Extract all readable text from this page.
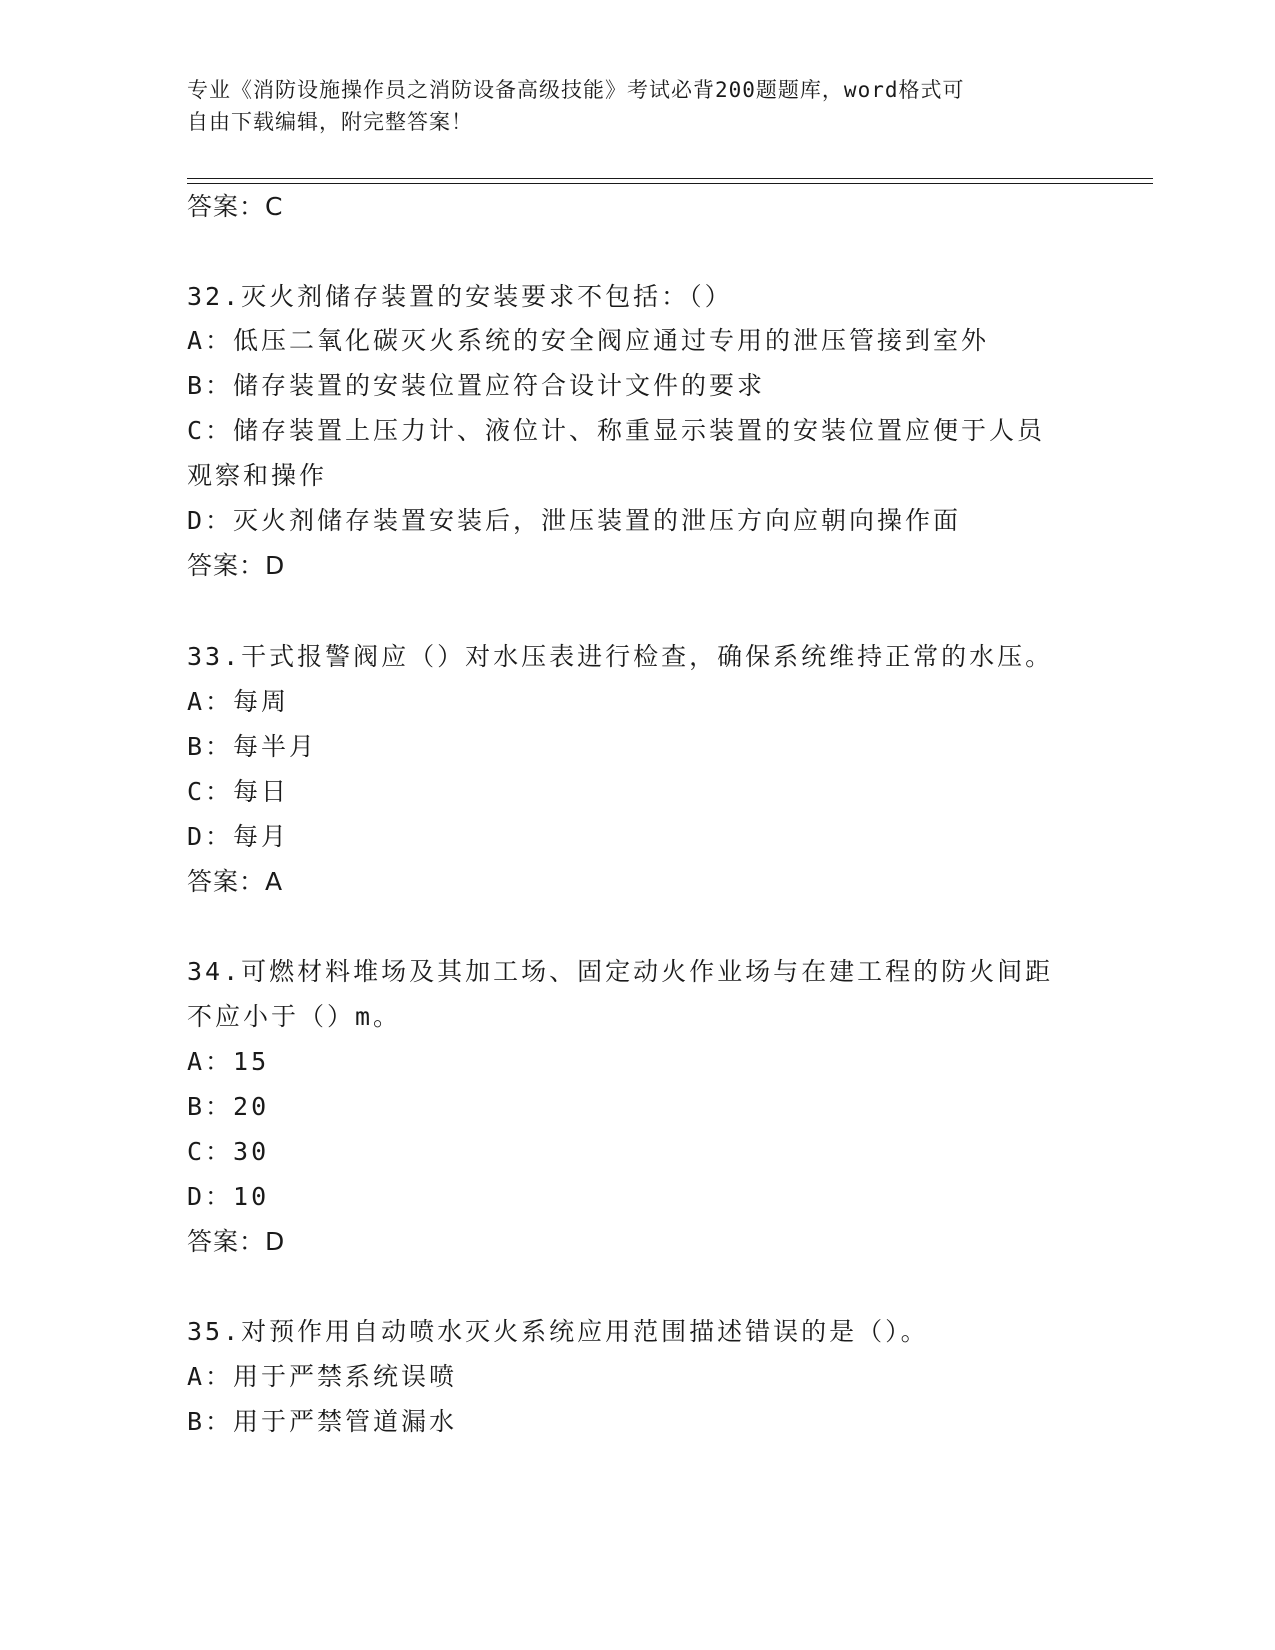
专业《消防设施操作员之消防设备高级技能》考试必背200题题库，word格式可
自由下载编辑，附完整答案！
答案：C
32.灭火剂储存装置的安装要求不包括：（）
A：低压二氧化碳灭火系统的安全阀应通过专用的泄压管接到室外
B：储存装置的安装位置应符合设计文件的要求
C：储存装置上压力计、液位计、称重显示装置的安装位置应便于人员
观察和操作
D：灭火剂储存装置安装后，泄压装置的泄压方向应朝向操作面
答案：D
33.干式报警阀应（）对水压表进行检查，确保系统维持正常的水压。
A：每周
B：每半月
C：每日
D：每月
答案：A
34.可燃材料堆场及其加工场、固定动火作业场与在建工程的防火间距
不应小于（）m。
A：15
B：20
C：30
D：10
答案：D
35.对预作用自动喷水灭火系统应用范围描述错误的是（）。
A：用于严禁系统误喷
B：用于严禁管道漏水
